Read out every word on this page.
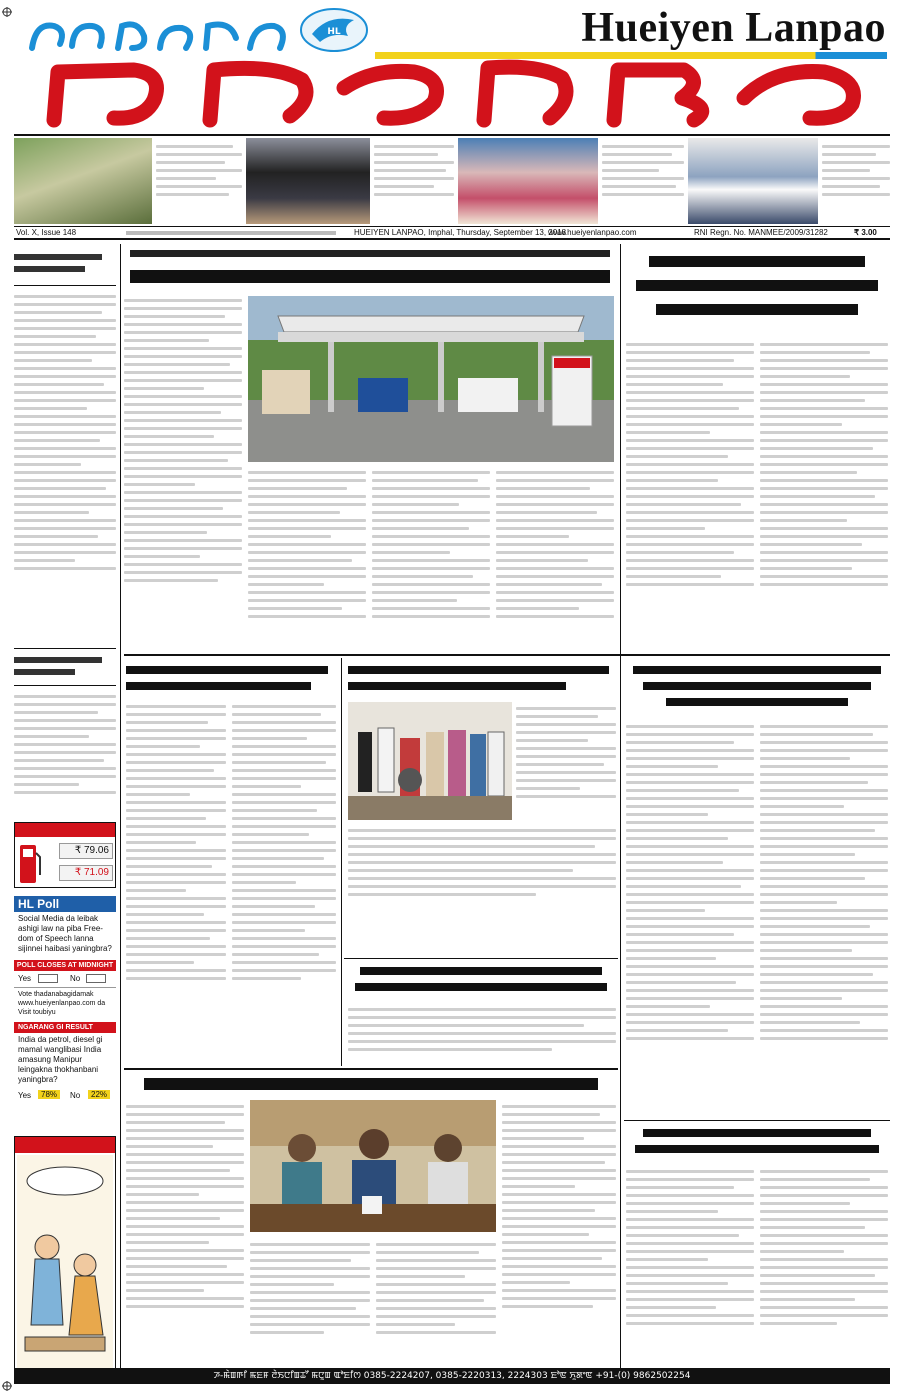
HL	Hueiyen Lanpao
Vol. X, Issue 148	HUEIYEN LANPAO, Imphal, Thursday, September 13, 2018
www.hueiyenlanpao.com	RNI Regn. No. MANMEE/2009/31282	₹ 3.00
₹ 79.06
₹ 71.09
HL Poll
Social Media da leibak ashigi law na piba Free-dom of Speech lanna sijinnei haibasi yaningbra?
POLL CLOSES AT MIDNIGHT
Yes	No
Vote thadanabagidamak www.hueiyenlanpao.com da Visit toubiyu
NGARANG GI RESULT
India da petrol, diesel gi mamal wanglibasi India amasung Manipur leingakna thokhanbani yaningbra?
Yes	78%	No	22%
ꯍ-ꯃꯥꯡꯒꯤ ꯃꯐꯝ ꯂꯥꯏꯅꯤꯡꯊꯧ ꯃꯅꯨꯡ ꯑꯣꯐꯤꯁ 0385-2224207, 0385-2220313, 2224303 ꯐꯣꯟ ꯈꯨꯗꯦꯟ +91-(0) 9862502254
